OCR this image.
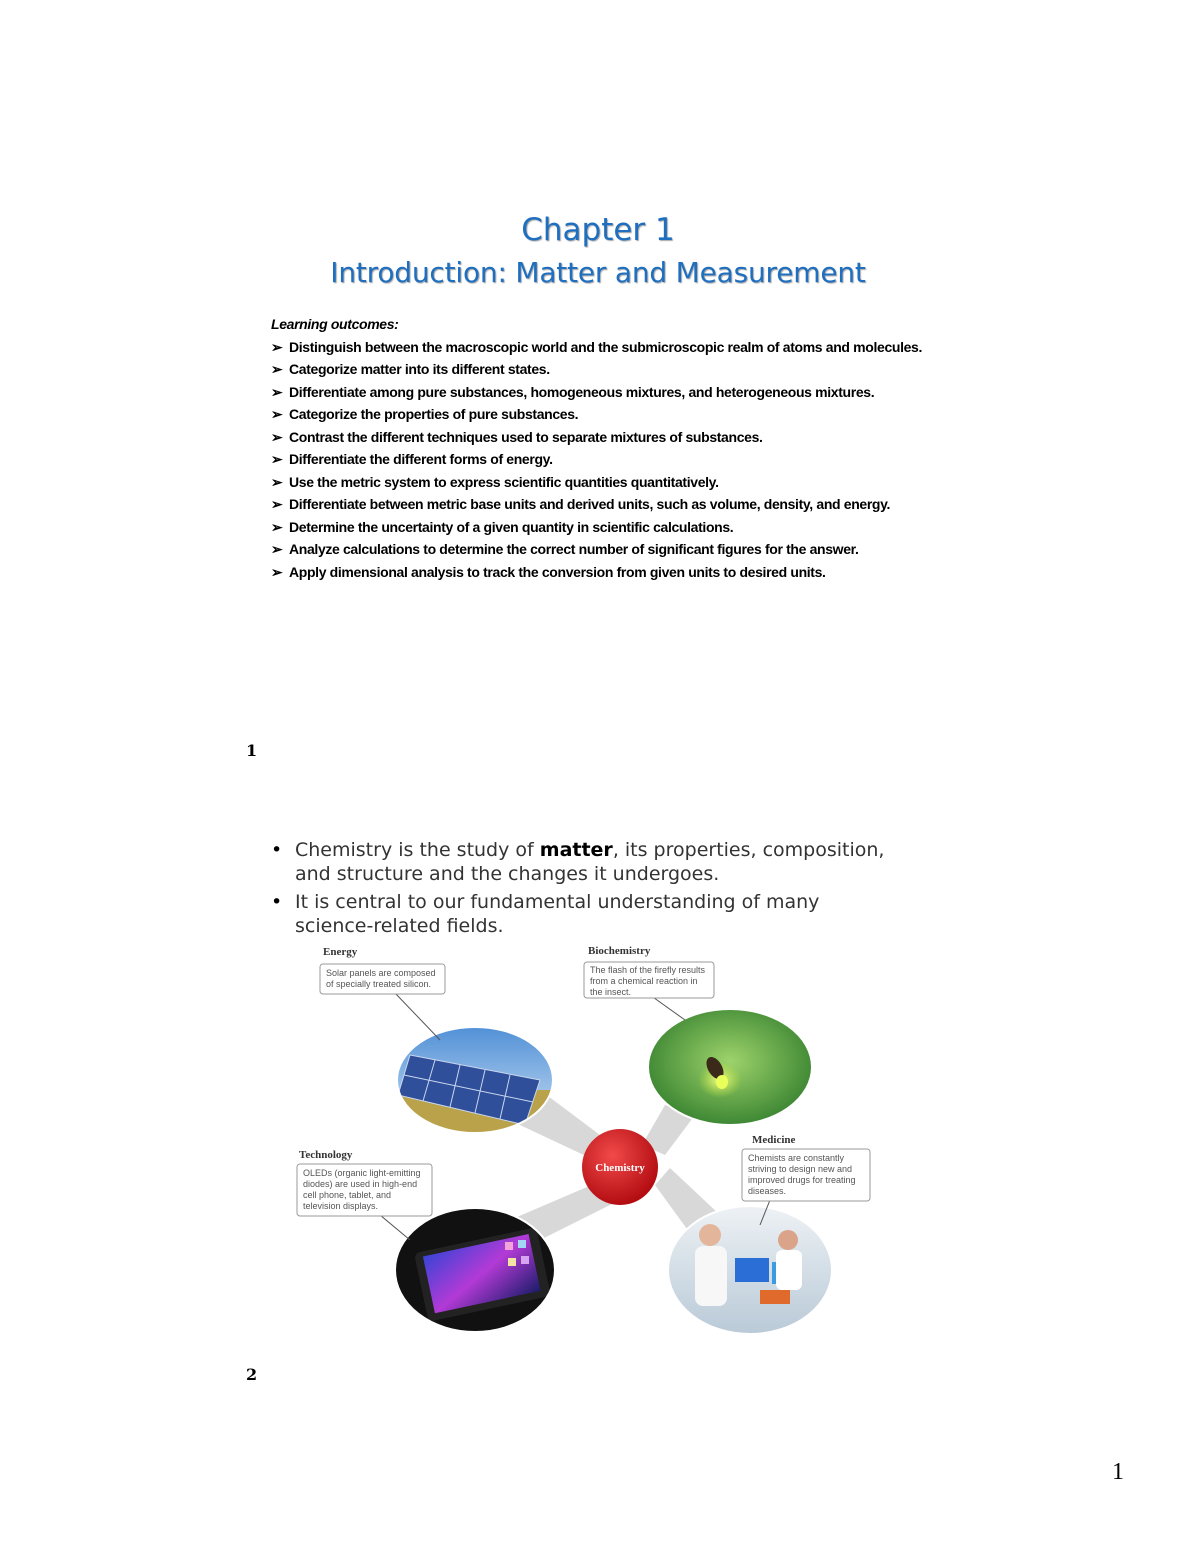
Chapter 1
Introduction: Matter and Measurement
Learning outcomes:
➢ Distinguish between the macroscopic world and the submicroscopic realm of atoms and molecules.
➢ Categorize matter into its different states.
➢ Differentiate among pure substances, homogeneous mixtures, and heterogeneous mixtures.
➢ Categorize the properties of pure substances.
➢ Contrast the different techniques used to separate mixtures of substances.
➢ Differentiate the different forms of energy.
➢ Use the metric system to express scientific quantities quantitatively.
➢ Differentiate between metric base units and derived units, such as volume, density, and energy.
➢ Determine the uncertainty of a given quantity in scientific calculations.
➢ Analyze calculations to determine the correct number of significant figures for the answer.
➢ Apply dimensional analysis to track the conversion from given units to desired units.
1
• Chemistry is the study of matter, its properties, composition, and structure and the changes it undergoes.
• It is central to our fundamental understanding of many science-related fields.
Chemistry
Energy
Solar panels are composed
of specially treated silicon.
Biochemistry
The flash of the firefly results
from a chemical reaction in
the insect.
Technology
OLEDs (organic light-emitting
diodes) are used in high-end
cell phone, tablet, and
television displays.
Medicine
Chemists are constantly
striving to design new and
improved drugs for treating
diseases.
2
1
